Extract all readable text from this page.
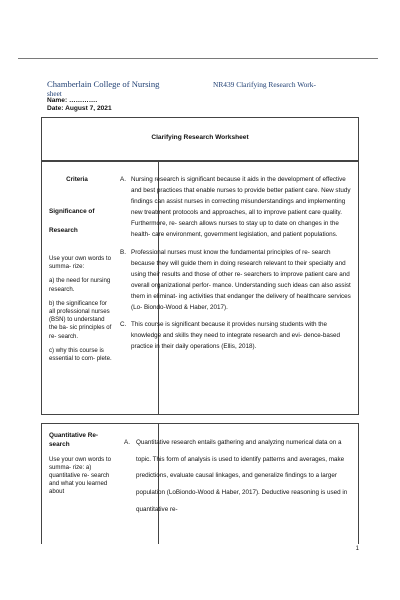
Chamberlain College of Nursing	NR439 Clarifying Research Work-
sheet
Name: ………….
Date: August 7, 2021
Clarifying Research Worksheet
Criteria
Significance of
Research

Use your own words to summa- rize:

a) the need for nursing research.

b) the significance for all professional nurses (BSN) to understand the ba- sic principles of re- search.

c) why this course is essential to com- plete.

A. Nursing research is significant because it aids in the development of effective and best practices that enable nurses to provide better patient care. New study findings can assist nurses in correcting misunderstandings and implementing new treatment protocols and approaches, all to improve patient care quality. Furthermore, re- search allows nurses to stay up to date on changes in the health- care environment, government legislation, and patient populations.
B. Professional nurses must know the fundamental principles of re- search because they will guide them in doing research relevant to their specialty and using their results and those of other re- searchers to improve patient care and overall organizational perfor- mance. Understanding such ideas can also assist them in eliminat- ing activities that endanger the delivery of healthcare services (Lo- Biondo-Wood & Haber, 2017).
C. This course is significant because it provides nursing students with the knowledge and skills they need to integrate research and evi- dence-based practice in their daily operations (Ellis, 2018).
Quantitative Re- search
Use your own words to summa- rize: a) quantitative re- search and what you learned about
A. Quantitative research entails gathering and analyzing numerical data on a topic. This form of analysis is used to identify patterns and averages, make predictions, evaluate causal linkages, and generalize findings to a larger population (LoBiondo-Wood & Haber, 2017). Deductive reasoning is used in quantitative re-
1
